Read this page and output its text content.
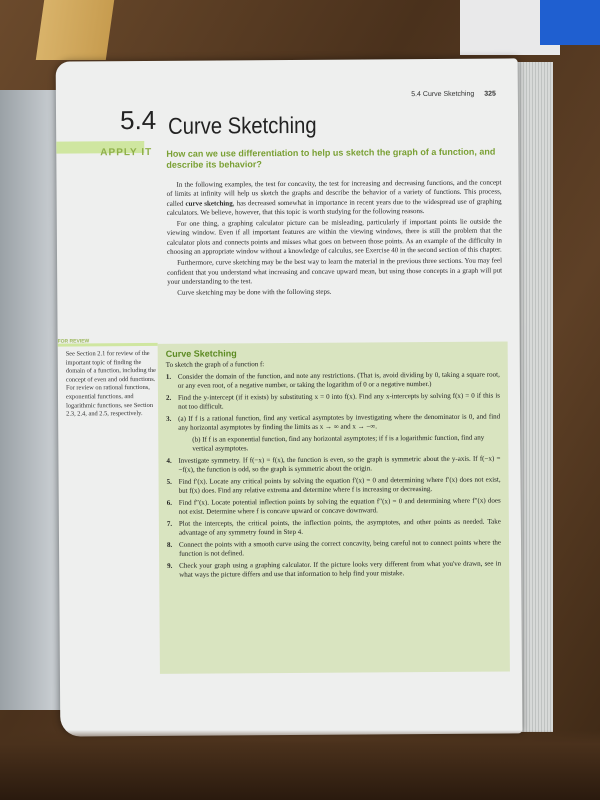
5.4 Curve Sketching 325
5.4 Curve Sketching
APPLY IT How can we use differentiation to help us sketch the graph of a function, and describe its behavior?

In the following examples, the test for concavity, the test for increasing and decreasing functions, and the concept of limits at infinity will help us sketch the graphs and describe the behavior of a variety of functions. This process, called curve sketching, has decreased somewhat in importance in recent years due to the widespread use of graphing calculators. We believe, however, that this topic is worth studying for the following reasons.

For one thing, a graphing calculator picture can be misleading, particularly if important points lie outside the viewing window. Even if all important features are within the viewing windows, there is still the problem that the calculator plots and connects points and misses what goes on between those points. As an example of the difficulty in choosing an appropriate window without a knowledge of calculus, see Exercise 40 in the second section of this chapter.

Furthermore, curve sketching may be the best way to learn the material in the previous three sections. You may feel confident that you understand what increasing and concave upward mean, but using those concepts in a graph will put your understanding to the test.

Curve sketching may be done with the following steps.

FOR REVIEW
See Section 2.1 for review of the important topic of finding the domain of a function, including the concept of even and odd functions. For review on rational functions, exponential functions, and logarithmic functions, see Section 2.3, 2.4, and 2.5, respectively.
Curve Sketching
To sketch the graph of a function f:
1. Consider the domain of the function, and note any restrictions. (That is, avoid dividing by 0, taking a square root, or any even root, of a negative number, or taking the logarithm of 0 or a negative number.)
2. Find the y-intercept (if it exists) by substituting x = 0 into f(x). Find any x-intercepts by solving f(x) = 0 if this is not too difficult.
3. (a) If f is a rational function, find any vertical asymptotes by investigating where the denominator is 0, and find any horizontal asymptotes by finding the limits as x → ∞ and x → −∞.
(b) If f is an exponential function, find any horizontal asymptotes; if f is a logarithmic function, find any vertical asymptotes.
4. Investigate symmetry. If f(−x) = f(x), the function is even, so the graph is symmetric about the y-axis. If f(−x) = −f(x), the function is odd, so the graph is symmetric about the origin.
5. Find f′(x). Locate any critical points by solving the equation f′(x) = 0 and determining where f′(x) does not exist, but f(x) does. Find any relative extrema and determine where f is increasing or decreasing.
6. Find f″(x). Locate potential inflection points by solving the equation f″(x) = 0 and determining where f″(x) does not exist. Determine where f is concave upward or concave downward.
7. Plot the intercepts, the critical points, the inflection points, the asymptotes, and other points as needed. Take advantage of any symmetry found in Step 4.
8. Connect the points with a smooth curve using the correct concavity, being careful not to connect points where the function is not defined.
9. Check your graph using a graphing calculator. If the picture looks very different from what you've drawn, see in what ways the picture differs and use that information to help find your mistake.
